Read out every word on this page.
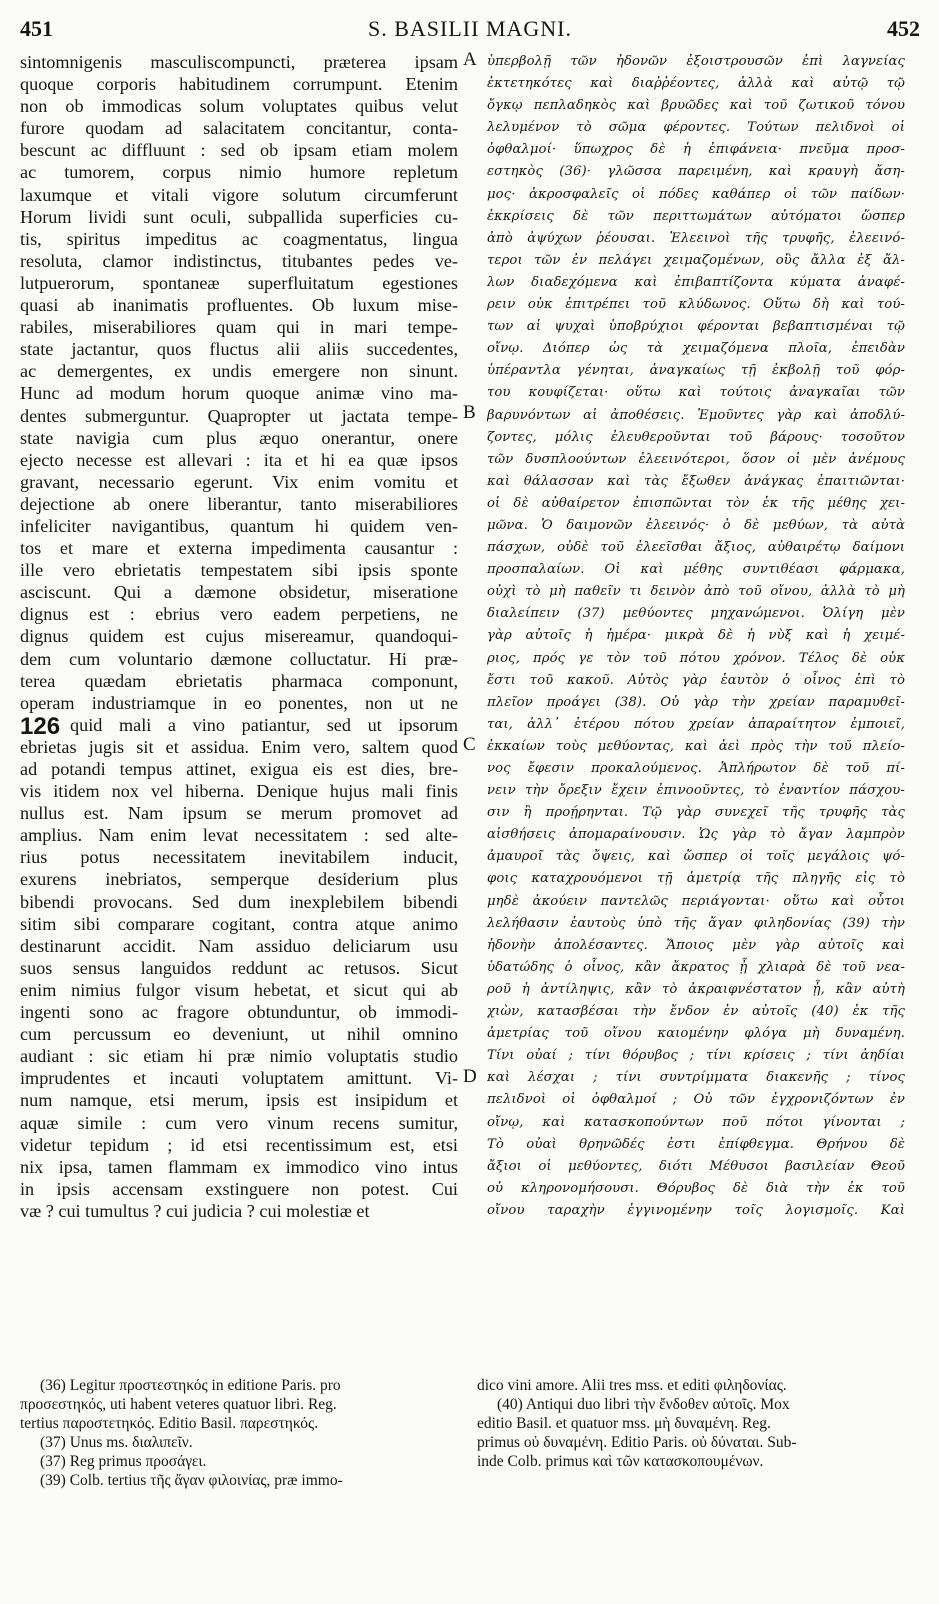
451	S. BASILII MAGNI.	452
sintomnigenis masculiscompuncti, præterea ipsam
quoque corporis habitudinem corrumpunt. Etenim
non ob immodicas solum voluptates quibus velut
furore quodam ad salacitatem concitantur, conta-
bescunt ac diffluunt : sed ob ipsam etiam molem
ac tumorem, corpus nimio humore repletum
laxumque et vitali vigore solutum circumferunt
Horum lividi sunt oculi, subpallida superficies cu-
tis, spiritus impeditus ac coagmentatus, lingua
resoluta, clamor indistinctus, titubantes pedes ve-
lutpuerorum, spontaneæ superfluitatum egestiones
quasi ab inanimatis profluentes. Ob luxum mise-
rabiles, miserabiliores quam qui in mari tempe-
state jactantur, quos fluctus alii aliis succedentes,
ac demergentes, ex undis emergere non sinunt.
Hunc ad modum horum quoque animæ vino ma-
dentes submerguntur. Quapropter ut jactata tempe-
state navigia cum plus æquo onerantur, onere
ejecto necesse est allevari : ita et hi ea quæ ipsos
gravant, necessario egerunt. Vix enim vomitu et
dejectione ab onere liberantur, tanto miserabiliores
infeliciter navigantibus, quantum hi quidem ven-
tos et mare et externa impedimenta causantur :
ille vero ebrietatis tempestatem sibi ipsis sponte
asciscunt. Qui a dæmone obsidetur, miseratione
dignus est : ebrius vero eadem perpetiens, ne
dignus quidem est cujus misereamur, quandoqui-
dem cum voluntario dæmone colluctatur. Hi præ-
terea quædam ebrietatis pharmaca componunt,
operam industriamque in eo ponentes, non ut ne
quid mali a vino patiantur, sed ut ipsorum
ebrietas jugis sit et assidua. Enim vero, saltem quod
ad potandi tempus attinet, exigua eis est dies, bre-
vis itidem nox vel hiberna. Denique hujus mali finis
nullus est. Nam ipsum se merum promovet ad
amplius. Nam enim levat necessitatem : sed alte-
rius potus necessitatem inevitabilem inducit,
exurens inebriatos, semperque desiderium plus
bibendi provocans. Sed dum inexplebilem bibendi
sitim sibi comparare cogitant, contra atque animo
destinarunt accidit. Nam assiduo deliciarum usu
suos sensus languidos reddunt ac retusos. Sicut
enim nimius fulgor visum hebetat, et sicut qui ab
ingenti sono ac fragore obtunduntur, ob immodi-
cum percussum eo deveniunt, ut nihil omnino
audiant : sic etiam hi præ nimio voluptatis studio
imprudentes et incauti voluptatem amittunt. Vi-
num namque, etsi merum, ipsis est insipidum et
aquæ simile : cum vero vinum recens sumitur,
videtur tepidum ; id etsi recentissimum est, etsi
nix ipsa, tamen flammam ex immodico vino intus
in ipsis accensam exstinguere non potest. Cui
væ ? cui tumultus ? cui judicia ? cui molestiæ et
ὑπερβολῇ τῶν ἡδονῶν ἐξοιστρουσῶν ἐπὶ λαγνείας
ἐκτετηκότες καὶ διαῤῥέοντες, ἀλλὰ καὶ αὐτῷ τῷ
ὄγκῳ πεπλαδηκὸς καὶ βρυῶδες καὶ τοῦ ζωτικοῦ τόνου
λελυμένον τὸ σῶμα φέροντες. Τούτων πελιδνοὶ οἱ
ὀφθαλμοί· ὕπωχρος δὲ ἡ ἐπιφάνεια· πνεῦμα προσ-
εστηκὸς (36)· γλῶσσα παρειμένη, καὶ κραυγὴ ἄση-
μος· ἀκροσφαλεῖς οἱ πόδες καθάπερ οἱ τῶν παίδων·
ἐκκρίσεις δὲ τῶν περιττωμάτων αὐτόματοι ὥσπερ
ἀπὸ ἀψύχων ῥέουσαι. Ἐλεεινοὶ τῆς τρυφῆς, ἐλεεινό-
τεροι τῶν ἐν πελάγει χειμαζομένων, οὓς ἄλλα ἐξ ἄλ-
λων διαδεχόμενα καὶ ἐπιβαπτίζοντα κύματα ἀναφέ-
ρειν οὐκ ἐπιτρέπει τοῦ κλύδωνος. Οὕτω δὴ καὶ τού-
των αἱ ψυχαὶ ὑποβρύχιοι φέρονται βεβαπτισμέναι τῷ
οἴνῳ. Διόπερ ὡς τὰ χειμαζόμενα πλοῖα, ἐπειδὰν
ὑπέραντλα γένηται, ἀναγκαίως τῇ ἐκβολῇ τοῦ φόρ-
του κουφίζεται· οὕτω καὶ τούτοις ἀναγκαῖαι τῶν
βαρυνόντων αἱ ἀποθέσεις. Ἐμοῦντες γὰρ καὶ ἀποδλύ-
ζοντες, μόλις ἐλευθεροῦνται τοῦ βάρους· τοσοῦτον
τῶν δυσπλοούντων ἐλεεινότεροι, ὅσον οἱ μὲν ἀνέμους
καὶ θάλασσαν καὶ τὰς ἔξωθεν ἀνάγκας ἐπαιτιῶνται·
οἱ δὲ αὐθαίρετον ἐπισπῶνται τὸν ἐκ τῆς μέθης χει-
μῶνα. Ὁ δαιμονῶν ἐλεεινός· ὁ δὲ μεθύων, τὰ αὐτὰ
πάσχων, οὐδὲ τοῦ ἐλεεῖσθαι ἄξιος, αὐθαιρέτῳ δαίμονι
προσπαλαίων. Οἱ καὶ μέθης συντιθέασι φάρμακα,
οὐχὶ τὸ μὴ παθεῖν τι δεινὸν ἀπὸ τοῦ οἴνου, ἀλλὰ τὸ μὴ
διαλείπειν (37) μεθύοντες μηχανώμενοι. Ὀλίγη μὲν
γὰρ αὐτοῖς ἡ ἡμέρα· μικρὰ δὲ ἡ νὺξ καὶ ἡ χειμέ-
ριος, πρός γε τὸν τοῦ πότου χρόνον. Τέλος δὲ οὐκ
ἔστι τοῦ κακοῦ. Αὐτὸς γὰρ ἑαυτὸν ὁ οἶνος ἐπὶ τὸ
πλεῖον προάγει (38). Οὐ γὰρ τὴν χρείαν παραμυθεῖ-
ται, ἀλλ᾽ ἑτέρου πότου χρείαν ἀπαραίτητον ἐμποιεῖ,
ἐκκαίων τοὺς μεθύοντας, καὶ ἀεὶ πρὸς τὴν τοῦ πλείο-
νος ἔφεσιν προκαλούμενος. Ἀπλήρωτον δὲ τοῦ πί-
νειν τὴν ὄρεξιν ἔχειν ἐπινοοῦντες, τὸ ἐναντίον πάσχου-
σιν ἢ προῄρηνται. Τῷ γὰρ συνεχεῖ τῆς τρυφῆς τὰς
αἰσθήσεις ἀπομαραίνουσιν. Ὡς γὰρ τὸ ἄγαν λαμπρὸν
ἀμαυροῖ τὰς ὄψεις, καὶ ὥσπερ οἱ τοῖς μεγάλοις ψό-
φοις καταχρουόμενοι τῇ ἀμετρίᾳ τῆς πληγῆς εἰς τὸ
μηδὲ ἀκούειν παντελῶς περιάγονται· οὕτω καὶ οὗτοι
λελήθασιν ἑαυτοὺς ὑπὸ τῆς ἄγαν φιληδονίας (39) τὴν
ἡδονὴν ἀπολέσαντες. Ἄποιος μὲν γὰρ αὐτοῖς καὶ
ὑδατώδης ὁ οἶνος, κἂν ἄκρατος ᾖ χλιαρὰ δὲ τοῦ νεα-
ροῦ ἡ ἀντίληψις, κἂν τὸ ἀκραιφνέστατον ᾖ, κἂν αὐτὴ
χιὼν, κατασβέσαι τὴν ἔνδον ἐν αὐτοῖς (40) ἐκ τῆς
ἀμετρίας τοῦ οἴνου καιομένην φλόγα μὴ δυναμένη.
Τίνι οὐαί ; τίνι θόρυβος ; τίνι κρίσεις ; τίνι ἀηδίαι
καὶ λέσχαι ; τίνι συντρίμματα διακενῆς ; τίνος
πελιδνοὶ οἱ ὀφθαλμοί ; Οὐ τῶν ἐγχρονιζόντων ἐν
οἴνῳ, καὶ κατασκοπούντων ποῦ πότοι γίνονται ;
Τὸ οὐαὶ θρηνῶδές ἐστι ἐπίφθεγμα. Θρήνου δὲ
ἄξιοι οἱ μεθύοντες, διότι Μέθυσοι βασιλείαν Θεοῦ
οὐ κληρονομήσουσι. Θόρυβος δὲ διὰ τὴν ἐκ τοῦ
οἴνου ταραχὴν ἐγγινομένην τοῖς λογισμοῖς. Καὶ
A
B
C
D
126
(36) Legitur προστεστηκός in editione Paris. pro
προσεστηκός, uti habent veteres quatuor libri. Reg.
tertius παροστετηκός. Editio Basil. παρεστηκός.
(37) Unus ms. διαλιπεῖν.
(37) Reg primus προσάγει.
(39) Colb. tertius τῆς ἄγαν φιλοινίας, præ immo-
dico vini amore. Alii tres mss. et editi φιληδονίας.
(40) Antiqui duo libri τὴν ἔνδοθεν αὐτοῖς. Mox
editio Basil. et quatuor mss. μὴ δυναμένη. Reg.
primus οὐ δυναμένη. Editio Paris. οὐ δύναται. Sub-
inde Colb. primus καὶ τῶν κατασκοπουμένων.
